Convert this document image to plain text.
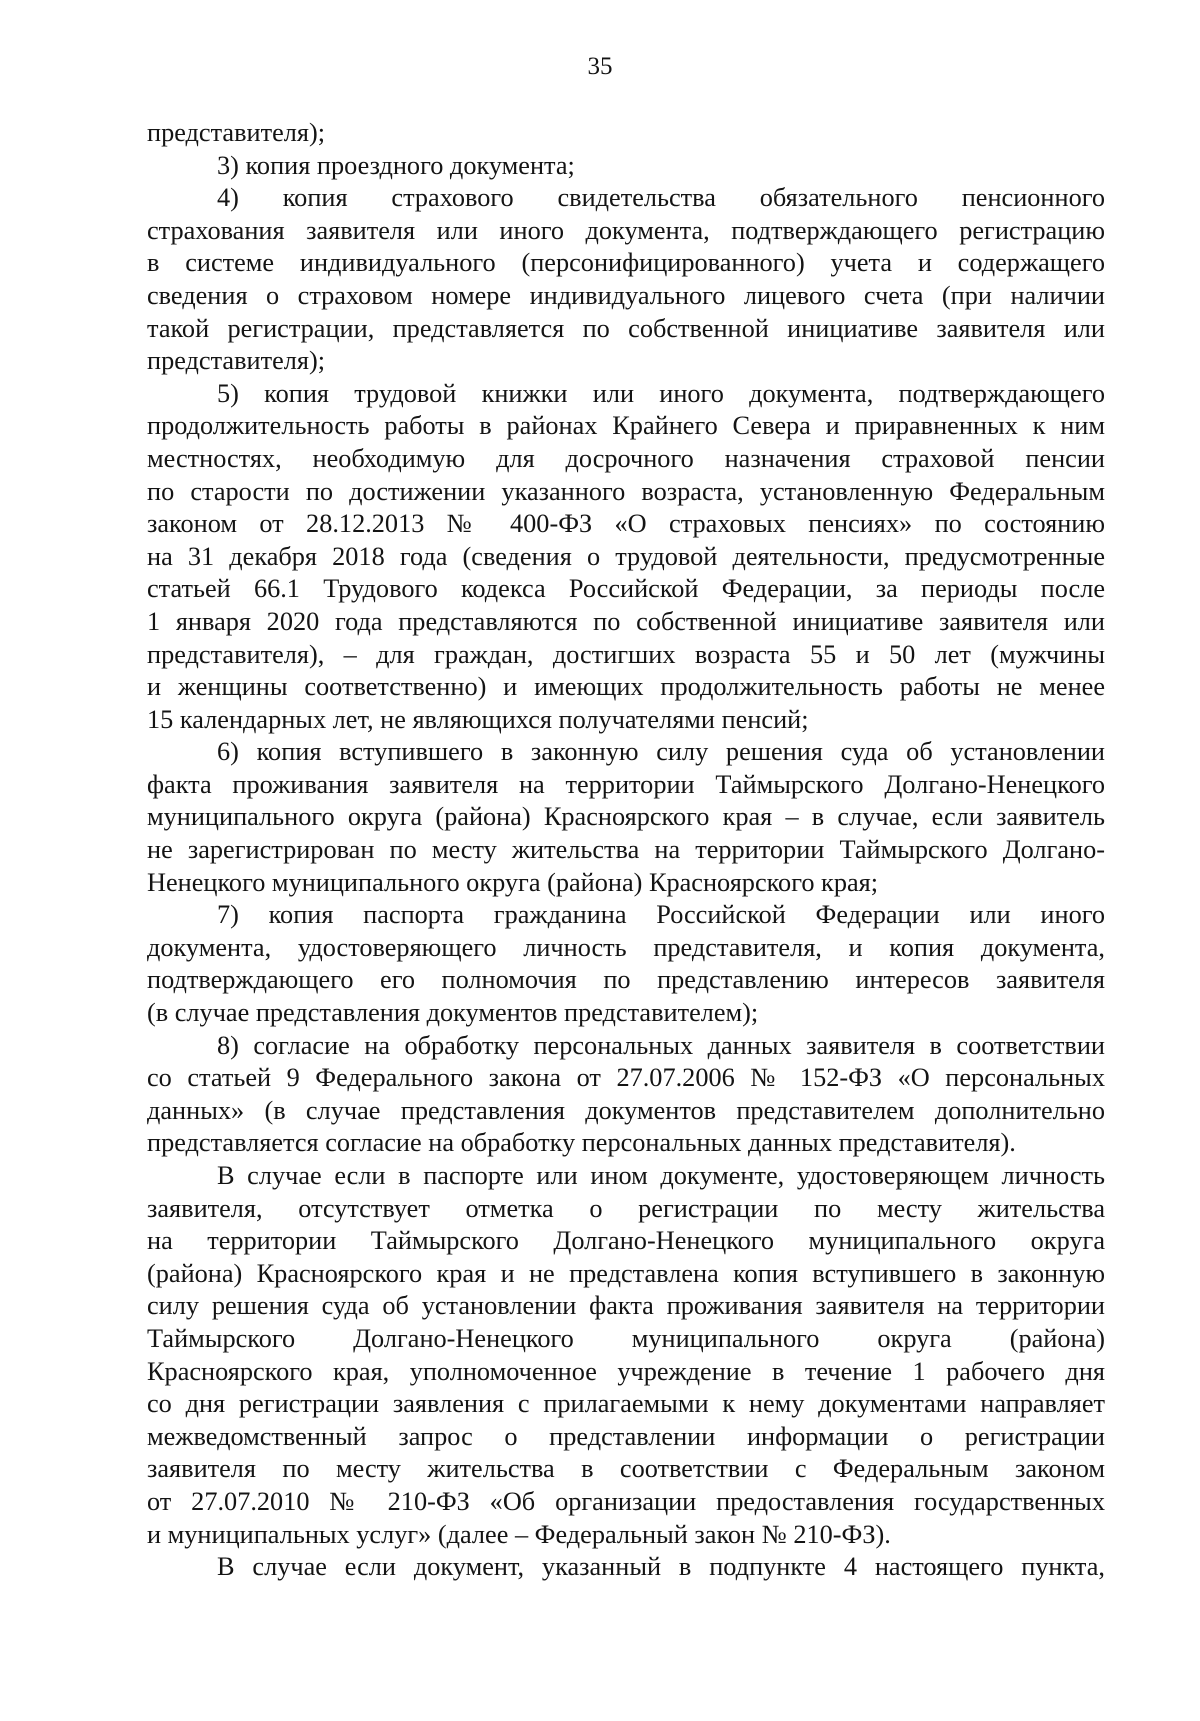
35
представителя);
3) копия проездного документа;
4) копия страхового свидетельства обязательного пенсионного
страхования заявителя или иного документа, подтверждающего регистрацию
в системе индивидуального (персонифицированного) учета и содержащего
сведения о страховом номере индивидуального лицевого счета (при наличии
такой регистрации, представляется по собственной инициативе заявителя или
представителя);
5) копия трудовой книжки или иного документа, подтверждающего
продолжительность работы в районах Крайнего Севера и приравненных к ним
местностях, необходимую для досрочного назначения страховой пенсии
по старости по достижении указанного возраста, установленную Федеральным
законом от 28.12.2013 № 400-ФЗ «О страховых пенсиях» по состоянию
на 31 декабря 2018 года (сведения о трудовой деятельности, предусмотренные
статьей 66.1 Трудового кодекса Российской Федерации, за периоды после
1 января 2020 года представляются по собственной инициативе заявителя или
представителя), – для граждан, достигших возраста 55 и 50 лет (мужчины
и женщины соответственно) и имеющих продолжительность работы не менее
15 календарных лет, не являющихся получателями пенсий;
6) копия вступившего в законную силу решения суда об установлении
факта проживания заявителя на территории Таймырского Долгано-Ненецкого
муниципального округа (района) Красноярского края – в случае, если заявитель
не зарегистрирован по месту жительства на территории Таймырского Долгано-
Ненецкого муниципального округа (района) Красноярского края;
7) копия паспорта гражданина Российской Федерации или иного
документа, удостоверяющего личность представителя, и копия документа,
подтверждающего его полномочия по представлению интересов заявителя
(в случае представления документов представителем);
8) согласие на обработку персональных данных заявителя в соответствии
со статьей 9 Федерального закона от 27.07.2006 № 152-ФЗ «О персональных
данных» (в случае представления документов представителем дополнительно
представляется согласие на обработку персональных данных представителя).
В случае если в паспорте или ином документе, удостоверяющем личность
заявителя, отсутствует отметка о регистрации по месту жительства
на территории Таймырского Долгано-Ненецкого муниципального округа
(района) Красноярского края и не представлена копия вступившего в законную
силу решения суда об установлении факта проживания заявителя на территории
Таймырского Долгано-Ненецкого муниципального округа (района)
Красноярского края, уполномоченное учреждение в течение 1 рабочего дня
со дня регистрации заявления с прилагаемыми к нему документами направляет
межведомственный запрос о представлении информации о регистрации
заявителя по месту жительства в соответствии с Федеральным законом
от 27.07.2010 № 210-ФЗ «Об организации предоставления государственных
и муниципальных услуг» (далее – Федеральный закон № 210-ФЗ).
В случае если документ, указанный в подпункте 4 настоящего пункта,
